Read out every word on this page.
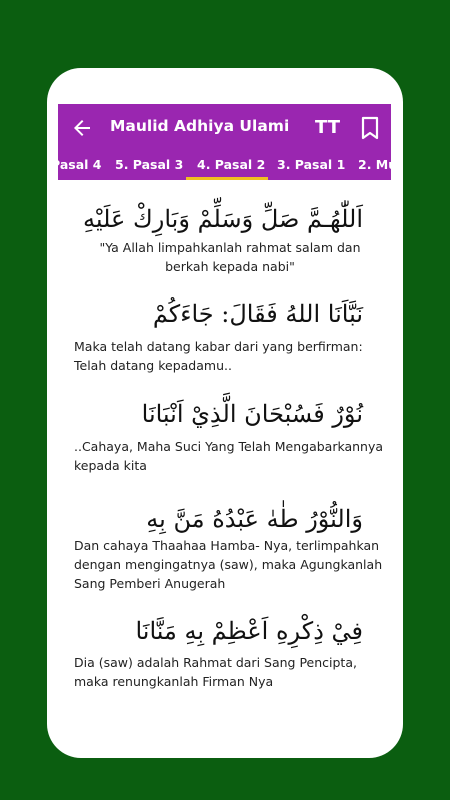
Maulid Adhiya Ulami TT
Pasal 4 5. Pasal 3	4. Pasal 2 3. Pasal 1 2. Mu
اَللّٰهُـمَّ صَلِّ وَسَلِّمْ وَبَارِكْ عَلَيْهِ
"Ya Allah limpahkanlah rahmat salam dan berkah kepada nabi"
نَبَّاَنَا اللهُ فَقَالَ: جَاءَكُمْ
Maka telah datang kabar dari yang berfirman: Telah datang kepadamu..
نُوْرٌ فَسُبْحَانَ الَّذِيْ اَنْبَانَا
..Cahaya, Maha Suci Yang Telah Mengabarkannya kepada kita
وَالنُّوْرُ طٰهٰ عَبْدُهُ مَنَّ بِهِ
Dan cahaya Thaahaa Hamba- Nya, terlimpahkan dengan mengingatnya (saw), maka Agungkanlah Sang Pemberi Anugerah
فِيْ ذِكْرِهِ اَعْظِمْ بِهِ مَنَّانَا
Dia (saw) adalah Rahmat dari Sang Pencipta, maka renungkanlah Firman Nya
